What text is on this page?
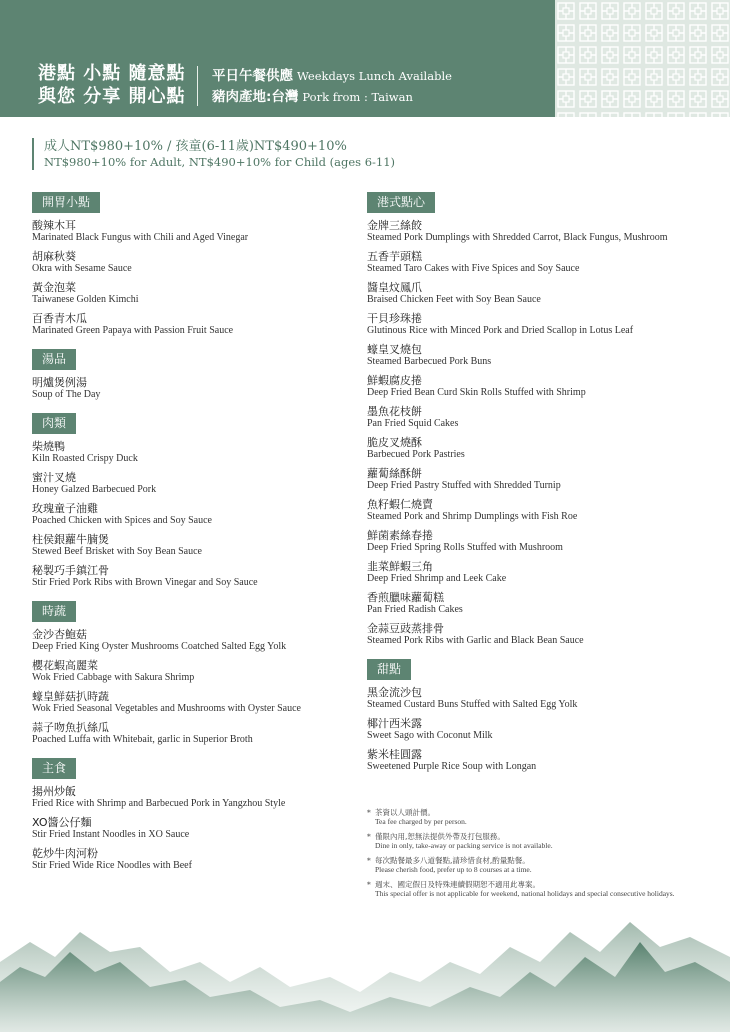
港點 小點 隨意點
與您 分享 開心點
平日午餐供應 Weekdays Lunch Available
豬肉產地:台灣 Pork from : Taiwan
成人NT$980+10% / 孩童(6-11歲)NT$490+10%
NT$980+10% for Adult, NT$490+10% for Child (ages 6-11)
開胃小點
酸辣木耳
Marinated Black Fungus with Chili and Aged Vinegar
胡麻秋葵
Okra with Sesame Sauce
黃金泡菜
Taiwanese Golden Kimchi
百香青木瓜
Marinated Green Papaya with Passion Fruit Sauce
湯品
明爐煲例湯
Soup of The Day
肉類
柴燒鴨
Kiln Roasted Crispy Duck
蜜汁叉燒
Honey Galzed Barbecued Pork
玫瑰童子油雞
Poached Chicken with Spices and Soy Sauce
柱侯銀蘿牛腩煲
Stewed Beef Brisket with Soy Bean Sauce
秘製巧手鎮江骨
Stir Fried Pork Ribs with Brown Vinegar and Soy Sauce
時蔬
金沙杏鮑菇
Deep Fried King Oyster Mushrooms Coatched Salted Egg Yolk
櫻花蝦高麗菜
Wok Fried Cabbage with Sakura Shrimp
蠔皇鮮菇扒時蔬
Wok Fried Seasonal Vegetables and Mushrooms with Oyster Sauce
蒜子吻魚扒絲瓜
Poached Luffa with Whitebait, garlic in Superior Broth
主食
揚州炒飯
Fried Rice with Shrimp and Barbecued Pork in Yangzhou Style
XO醬公仔麵
Stir Fried Instant Noodles in XO Sauce
乾炒牛肉河粉
Stir Fried Wide Rice Noodles with Beef
港式點心
金牌三絲餃
Steamed Pork Dumplings with Shredded Carrot, Black Fungus, Mushroom
五香芋頭糕
Steamed Taro Cakes with Five Spices and Soy Sauce
醬皇炆鳳爪
Braised Chicken Feet with Soy Bean Sauce
干貝珍珠捲
Glutinous Rice with Minced Pork and Dried Scallop in Lotus Leaf
蠔皇叉燒包
Steamed Barbecued Pork Buns
鮮蝦腐皮捲
Deep Fried Bean Curd Skin Rolls Stuffed with Shrimp
墨魚花枝餅
Pan Fried Squid Cakes
脆皮叉燒酥
Barbecued Pork Pastries
蘿蔔絲酥餅
Deep Fried Pastry Stuffed with Shredded Turnip
魚籽蝦仁燒賣
Steamed Pork and Shrimp Dumplings with Fish Roe
鮮菌素絲春捲
Deep Fried Spring Rolls Stuffed with Mushroom
韭菜鮮蝦三角
Deep Fried Shrimp and Leek Cake
香煎臘味蘿蔔糕
Pan Fried Radish Cakes
金蒜豆豉蒸排骨
Steamed Pork Ribs with Garlic and Black Bean Sauce
甜點
黑金流沙包
Steamed Custard Buns Stuffed with Salted Egg Yolk
椰汁西米露
Sweet Sago with Coconut Milk
紫米桂圓露
Sweetened Purple Rice Soup with Longan
* 茶資以人頭計價。
Tea fee charged by per person.
* 僅限內用,恕無法提供外帶及打包服務。
Dine in only, take-away or packing service is not available.
* 每次點餐最多八道餐點,請珍惜食材,酌量點餐。
Please cherish food, prefer up to 8 courses at a time.
* 週末、國定假日及特殊連續假期恕不適用此專案。
This special offer is not applicable for weekend, national holidays and special consecutive holidays.
